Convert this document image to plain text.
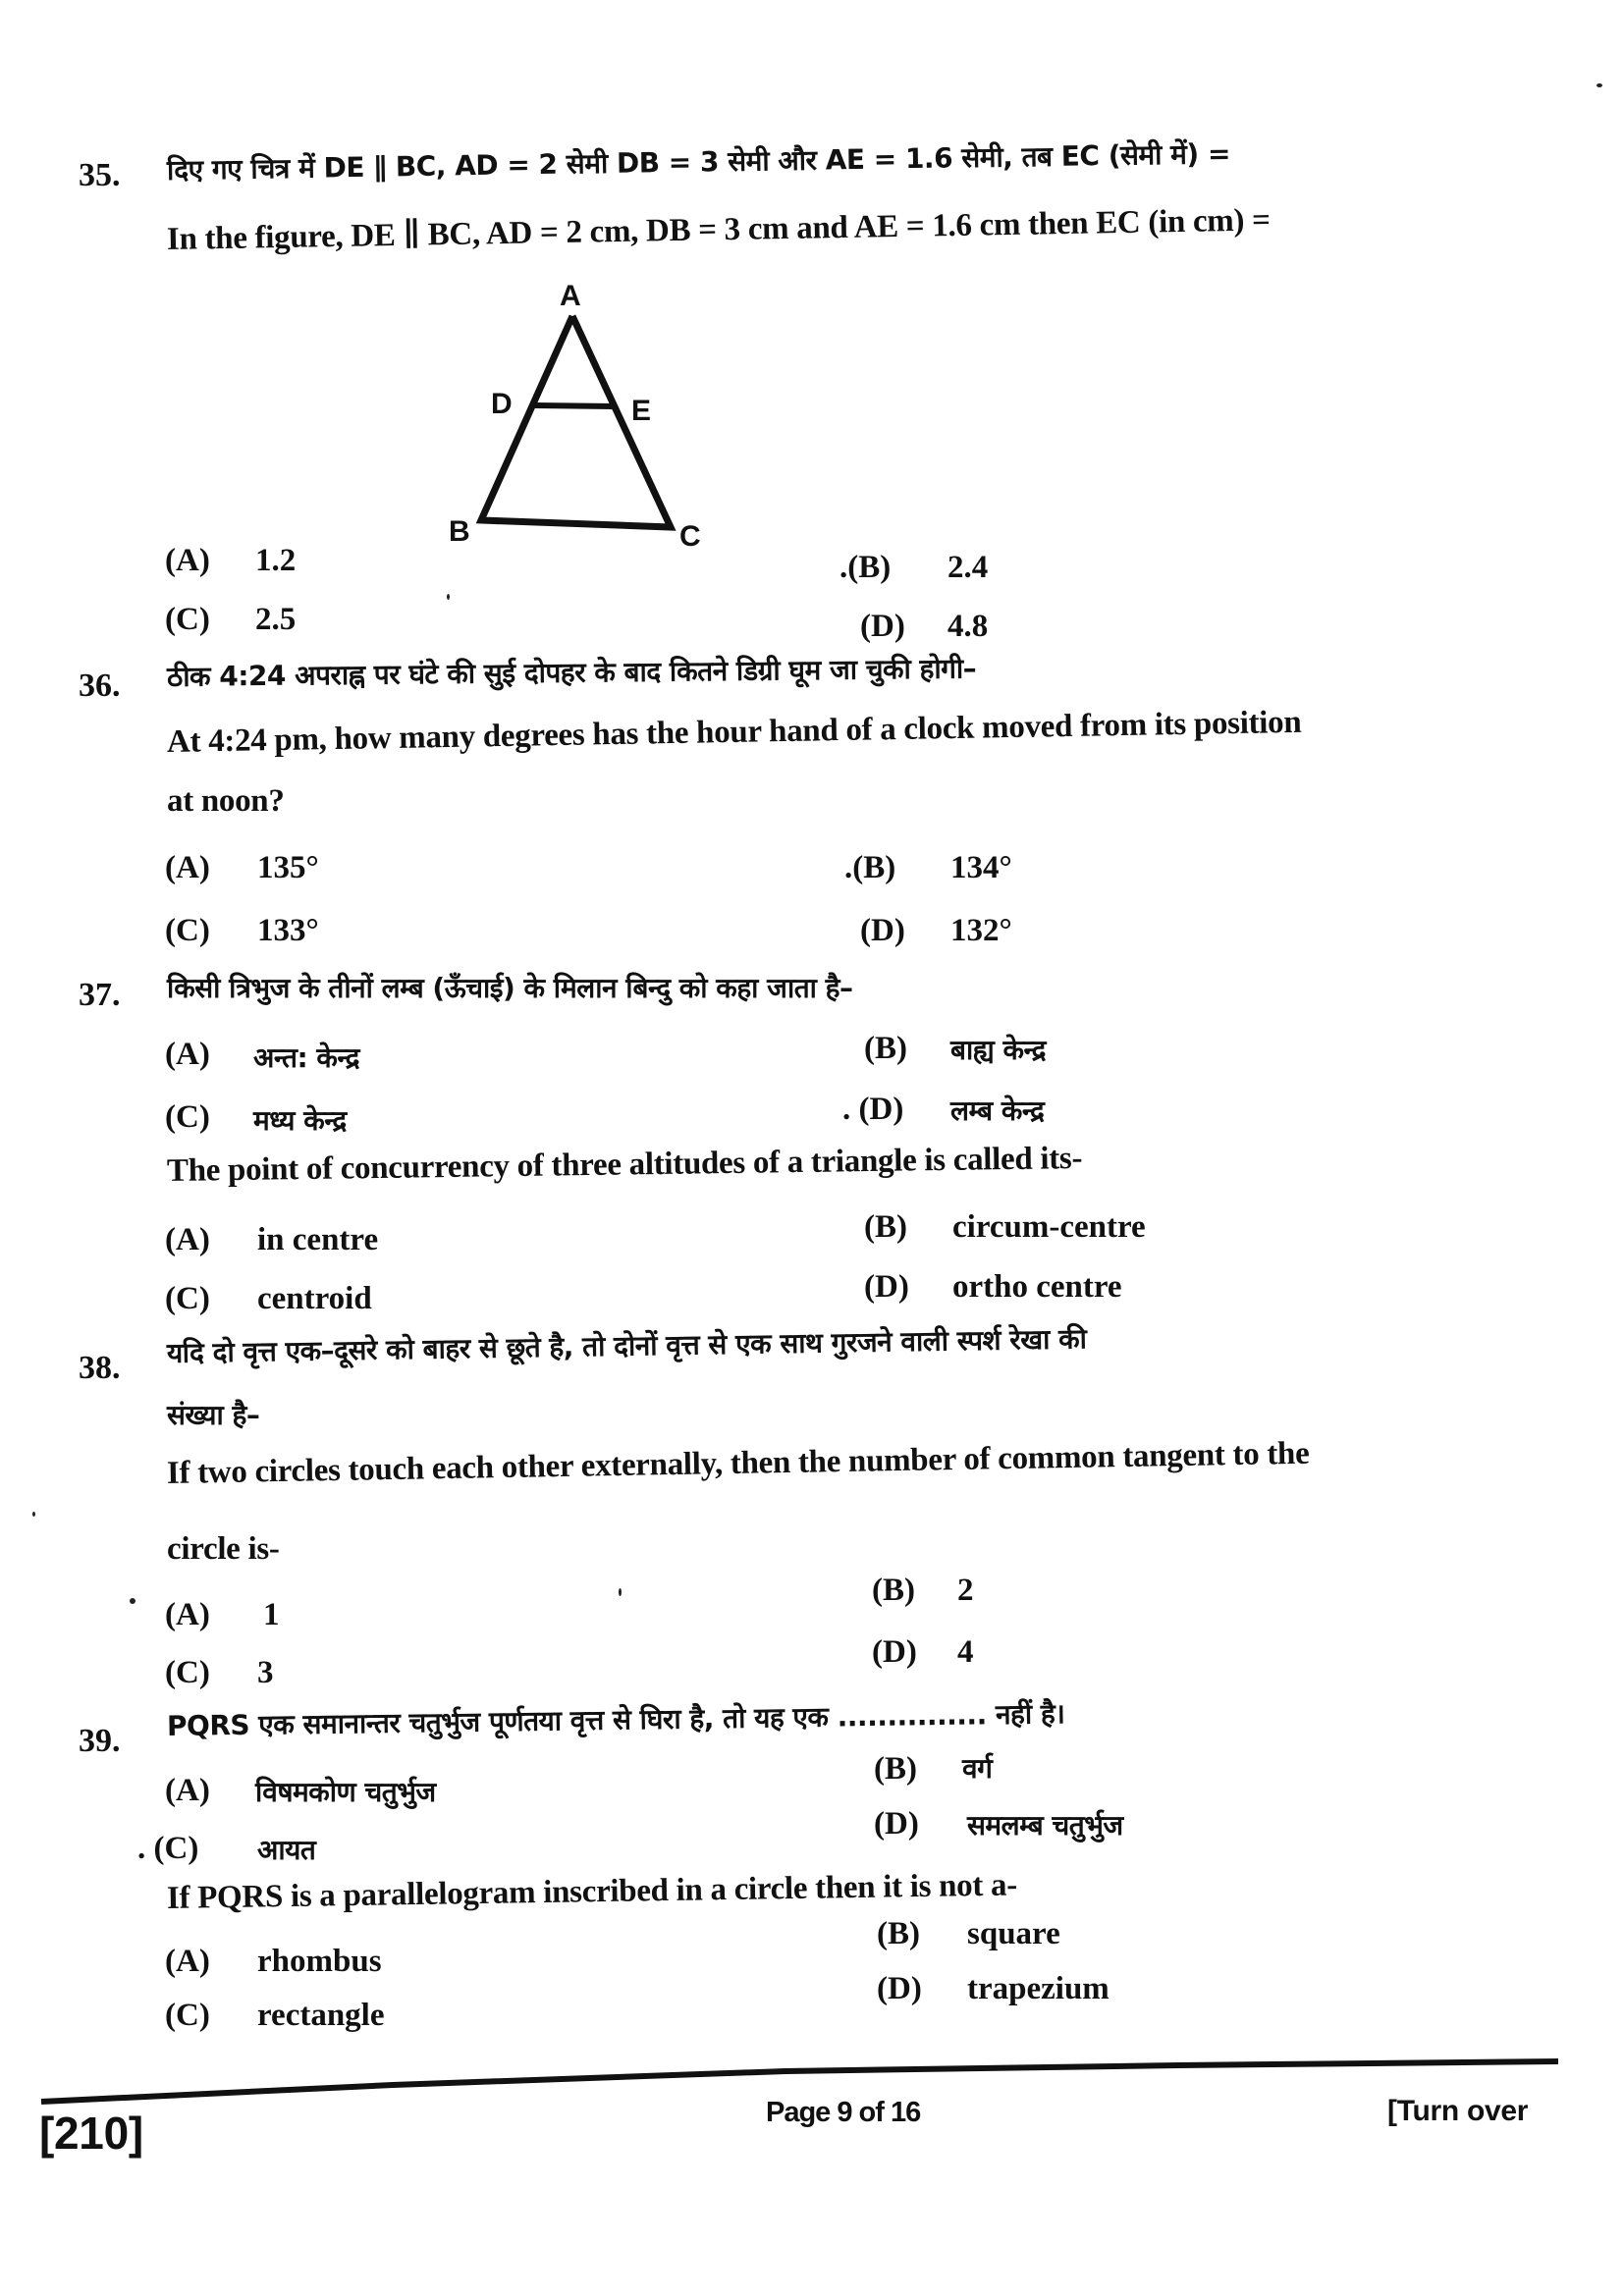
35. दिए गए चित्र में DE ∥ BC, AD = 2 सेमी DB = 3 सेमी और AE = 1.6 सेमी, तब EC (सेमी में) =
In the figure, DE ∥ BC, AD = 2 cm, DB = 3 cm and AE = 1.6 cm then EC (in cm) =
A
D	E
B	C
(A) 1.2	.(B) 2.4
(C) 2.5	(D) 4.8
36. ठीक 4:24 अपराह्न पर घंटे की सुई दोपहर के बाद कितने डिग्री घूम जा चुकी होगी–
At 4:24 pm, how many degrees has the hour hand of a clock moved from its position
at noon?
(A) 135°	.(B) 134°
(C) 133°	(D) 132°
37. किसी त्रिभुज के तीनों लम्ब (ऊँचाई) के मिलान बिन्दु को कहा जाता है–
(A) अन्त: केन्द्र	(B) बाह्य केन्द्र
(C) मध्य केन्द्र	. (D) लम्ब केन्द्र
The point of concurrency of three altitudes of a triangle is called its-
(A) in centre	(B) circum-centre
(C) centroid	(D) ortho centre
38. यदि दो वृत्त एक–दूसरे को बाहर से छूते है, तो दोनों वृत्त से एक साथ गुरजने वाली स्पर्श रेखा की
संख्या है–
If two circles touch each other externally, then the number of common tangent to the
circle is-
(A) 1
(B) 2
(C) 3
(D) 4
39. PQRS एक समानान्तर चतुर्भुज पूर्णतया वृत्त से घिरा है, तो यह एक ............... नहीं है।
(A) विषमकोण चतुर्भुज
(B) वर्ग
. (C) आयत
(D) समलम्ब चतुर्भुज
If PQRS is a parallelogram inscribed in a circle then it is not a-
(A) rhombus
(B) square
(C) rectangle
(D) trapezium
[210]	Page 9 of 16	[Turn over
